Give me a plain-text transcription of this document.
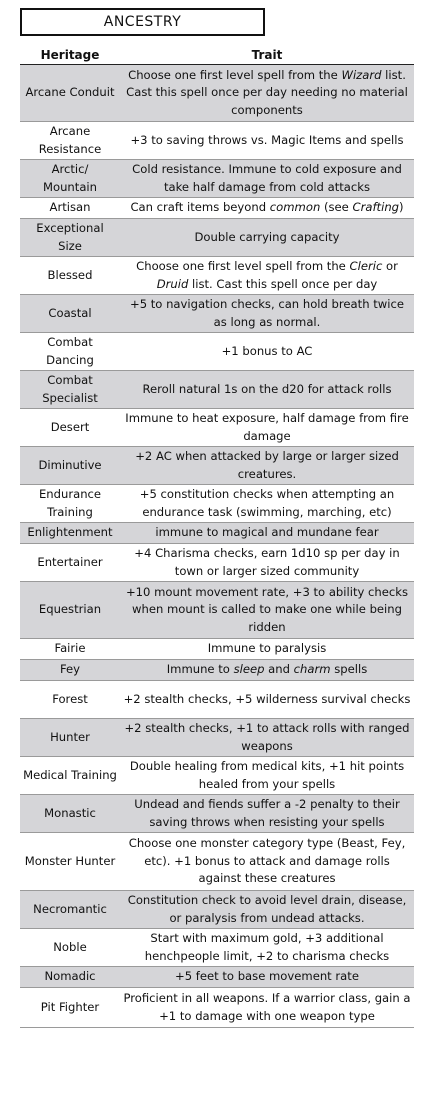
ANCESTRY
Heritage	Trait
Arcane Conduit	Choose one first level spell from the Wizard list. Cast this spell once per day needing no material components
Arcane Resistance	+3 to saving throws vs. Magic Items and spells
Arctic/ Mountain	Cold resistance. Immune to cold exposure and take half damage from cold attacks
Artisan	Can craft items beyond common (see Crafting)
Exceptional Size	Double carrying capacity
Blessed	Choose one first level spell from the Cleric or Druid list. Cast this spell once per day
Coastal	+5 to navigation checks, can hold breath twice as long as normal.
Combat Dancing	+1 bonus to AC
Combat Specialist	Reroll natural 1s on the d20 for attack rolls
Desert	Immune to heat exposure, half damage from fire damage
Diminutive	+2 AC when attacked by large or larger sized creatures.
Endurance Training	+5 constitution checks when attempting an endurance task (swimming, marching, etc)
Enlightenment	immune to magical and mundane fear
Entertainer	+4 Charisma checks, earn 1d10 sp per day in town or larger sized community
Equestrian	+10 mount movement rate, +3 to ability checks when mount is called to make one while being ridden
Fairie	Immune to paralysis
Fey	Immune to sleep and charm spells
Forest	+2 stealth checks, +5 wilderness survival checks
Hunter	+2 stealth checks, +1 to attack rolls with ranged weapons
Medical Training	Double healing from medical kits, +1 hit points healed from your spells
Monastic	Undead and fiends suffer a -2 penalty to their saving throws when resisting your spells
Monster Hunter	Choose one monster category type (Beast, Fey, etc). +1 bonus to attack and damage rolls against these creatures
Necromantic	Constitution check to avoid level drain, disease, or paralysis from undead attacks.
Noble	Start with maximum gold, +3 additional henchpeople limit, +2 to charisma checks
Nomadic	+5 feet to base movement rate
Pit Fighter	Proficient in all weapons. If a warrior class, gain a +1 to damage with one weapon type
